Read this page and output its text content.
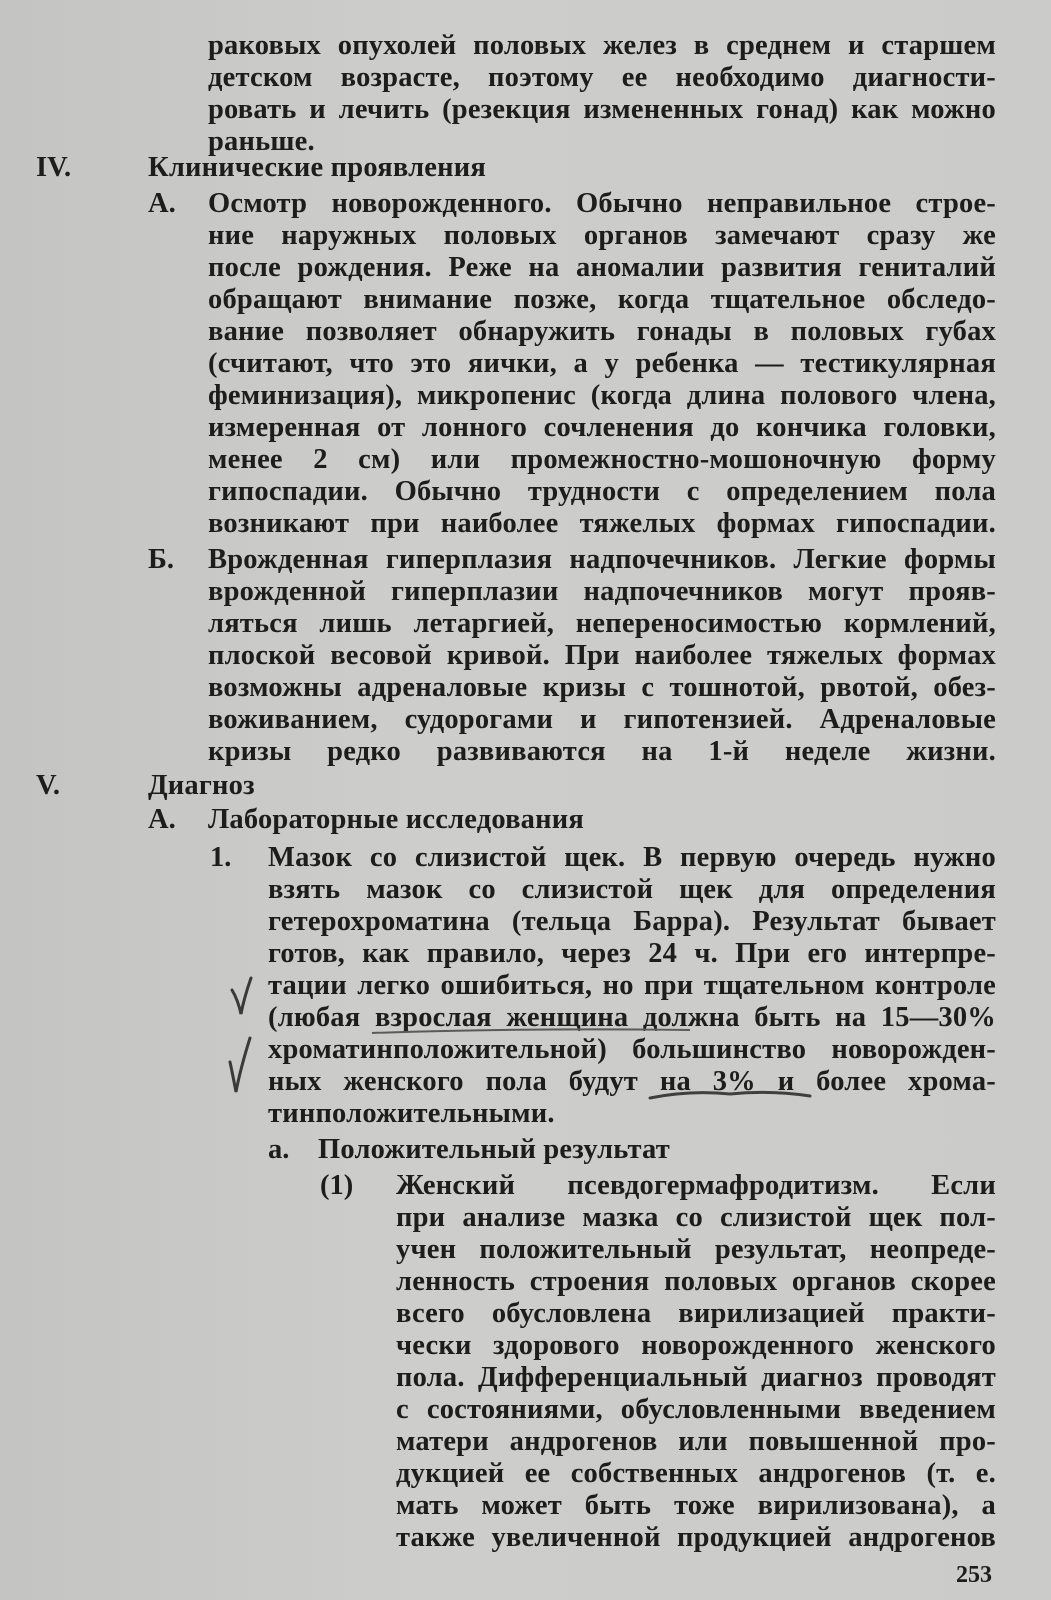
раковых опухолей половых желез в среднем и старшем
детском возрасте, поэтому ее необходимо диагности-
ровать и лечить (резекция измененных гонад) как можно
раньше.
IV.	Клинические проявления
А. Осмотр новорожденного. Обычно неправильное строе-
ние наружных половых органов замечают сразу же
после рождения. Реже на аномалии развития гениталий
обращают внимание позже, когда тщательное обследо-
вание позволяет обнаружить гонады в половых губах
(считают, что это яички, а у ребенка — тестикулярная
феминизация), микропенис (когда длина полового члена,
измеренная от лонного сочленения до кончика головки,
менее 2 см) или промежностно-мошоночную форму
гипоспадии. Обычно трудности с определением пола
возникают при наиболее тяжелых формах гипоспадии.
Б. Врожденная гиперплазия надпочечников. Легкие формы
врожденной гиперплазии надпочечников могут прояв-
ляться лишь летаргией, непереносимостью кормлений,
плоской весовой кривой. При наиболее тяжелых формах
возможны адреналовые кризы с тошнотой, рвотой, обез-
воживанием, судорогами и гипотензией. Адреналовые
кризы редко развиваются на 1-й неделе жизни.
V.	Диагноз
А. Лабораторные исследования
1. Мазок со слизистой щек. В первую очередь нужно
взять мазок со слизистой щек для определения
гетерохроматина (тельца Барра). Результат бывает
готов, как правило, через 24 ч. При его интерпре-
тации легко ошибиться, но при тщательном контроле
(любая взрослая женщина должна быть на 15—30%
хроматинположительной) большинство новорожден-
ных женского пола будут на 3% и более хрома-
тинположительными.
а. Положительный результат
(1) Женский псевдогермафродитизм. Если
при анализе мазка со слизистой щек пол-
учен положительный результат, неопреде-
ленность строения половых органов скорее
всего обусловлена вирилизацией практи-
чески здорового новорожденного женского
пола. Дифференциальный диагноз проводят
с состояниями, обусловленными введением
матери андрогенов или повышенной про-
дукцией ее собственных андрогенов (т. е.
мать может быть тоже вирилизована), а
также увеличенной продукцией андрогенов
253
